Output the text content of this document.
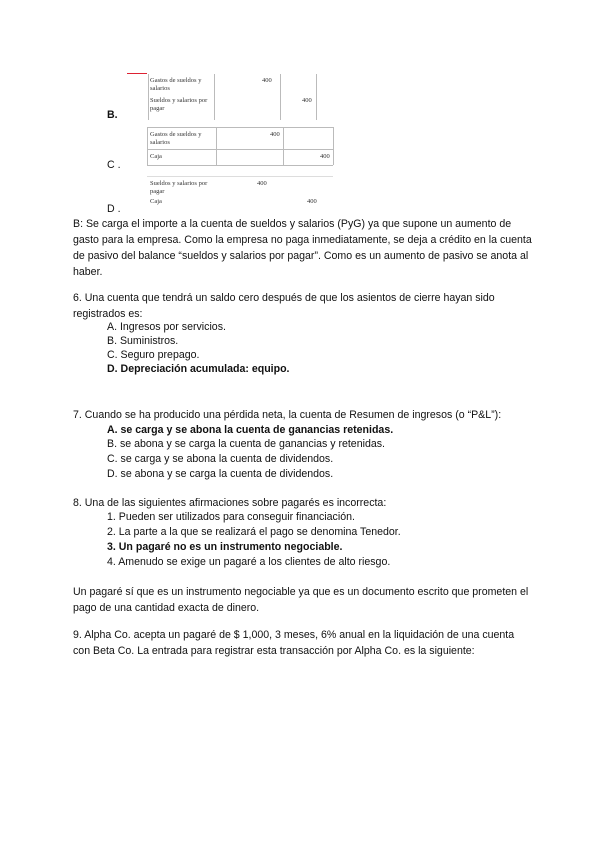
Gastos de sueldos y salarios
400
Sueldos y salarios por pagar
400
B.
Gastos de sueldos y salarios
400
Caja	400
C .
Sueldos y salarios por pagar
400
Caja	400
D .
B: Se carga el importe a la cuenta de sueldos y salarios (PyG) ya que supone un aumento de gasto para la empresa. Como la empresa no paga inmediatamente, se deja a crédito en la cuenta de pasivo del balance “sueldos y salarios por pagar”. Como es un aumento de pasivo se anota al haber.
6. Una cuenta que tendrá un saldo cero después de que los asientos de cierre hayan sido registrados es:
A. Ingresos por servicios.
B. Suministros.
C. Seguro prepago.
D. Depreciación acumulada: equipo.
7. Cuando se ha producido una pérdida neta, la cuenta de Resumen de ingresos (o “P&L”):
A. se carga y se abona la cuenta de ganancias retenidas.
B. se abona y se carga la cuenta de ganancias y retenidas.
C. se carga y se abona la cuenta de dividendos.
D. se abona y se carga la cuenta de dividendos.
8. Una de las siguientes afirmaciones sobre pagarés es incorrecta:
1. Pueden ser utilizados para conseguir financiación.
2. La parte a la que se realizará el pago se denomina Tenedor.
3. Un pagaré no es un instrumento negociable.
4. Amenudo se exige un pagaré a los clientes de alto riesgo.
Un pagaré sí que es un instrumento negociable ya que es un documento escrito que prometen el pago de una cantidad exacta de dinero.
9. Alpha Co. acepta un pagaré de $ 1,000, 3 meses, 6% anual en la liquidación de una cuenta con Beta Co. La entrada para registrar esta transacción por Alpha Co. es la siguiente:
